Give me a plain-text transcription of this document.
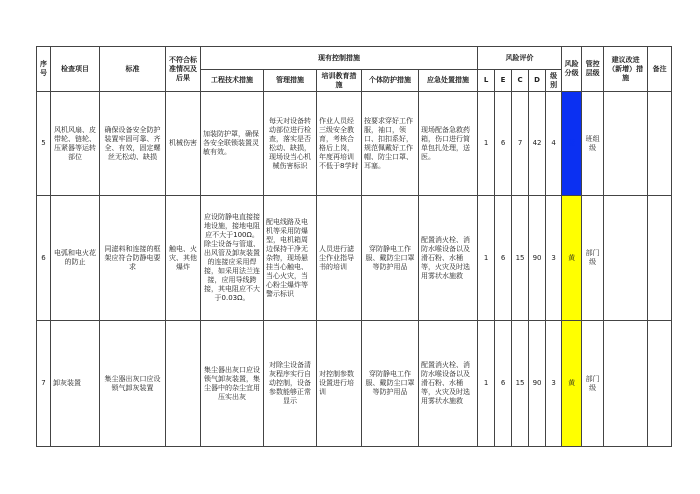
序号	检查项目	标准	不符合标准情况及后果	现有控制措施					风险评价					风险分级	管控层级	建议改进（新增）措施	备注
				工程技术措施	管理措施	培训教育措施	个体防护措施	应急处置措施	L	E	C	D	级别				
5	风机风扇、皮带轮、链轮、压紧器等运转部位	确保设备安全防护装置牢固可靠、齐全、有效，固定螺丝无松动、缺损	机械伤害	加装防护罩，确保各安全联锁装置灵敏有效。	每天对设备转动部位进行检查，落实是否松动、缺损，现场设当心机械伤害标识	作业人员经三级安全教育，考核合格后上岗，年度再培训不低于8学时	按要求穿好工作服，袖口，领口、扣扣系好，规范佩戴好工作帽、防尘口罩、耳塞。	现场配备急救药箱，伤口进行简单包扎处理，送医。	1	6	7	42	4	蓝	班组级		
6	电弧和电火花的防止	同滤料和连接的框架应符合防静电要求	触电、火灾、其他爆炸	应设防静电直接接地设施，接地电阻应不大于100Ω。除尘设备与管道、出风管及卸灰装置的连接应采用焊接，如采用法兰连接，应用导线跨接，其电阻应不大于0.03Ω。	配电线路及电机等采用防爆型，电机箱周边保持干净无杂物，现场悬挂当心触电、当心火灾，当心粉尘爆炸等警示标识	人员进行滤尘作业指导书的培训	穿防静电工作服、戴防尘口罩等防护用品	配置消火栓、消防水喉设备以及滑石粉、水桶等，火灾及时选用雾状水施救	1	6	15	90	3	黄	部门级		
7	卸灰装置	集尘器出灰口应设锁气卸灰装置		集尘器出灰口应设锁气卸灰装置，集尘器中的杂尘宜用压实出灰	对除尘设备清灰程序实行自动控制，设备参数能够正常显示	对控制参数设置进行培训	穿防静电工作服、戴防尘口罩等防护用品	配置消火栓、消防水喉设备以及滑石粉、水桶等，火灾及时选用雾状水施救	1	6	15	90	3	黄	部门级		
